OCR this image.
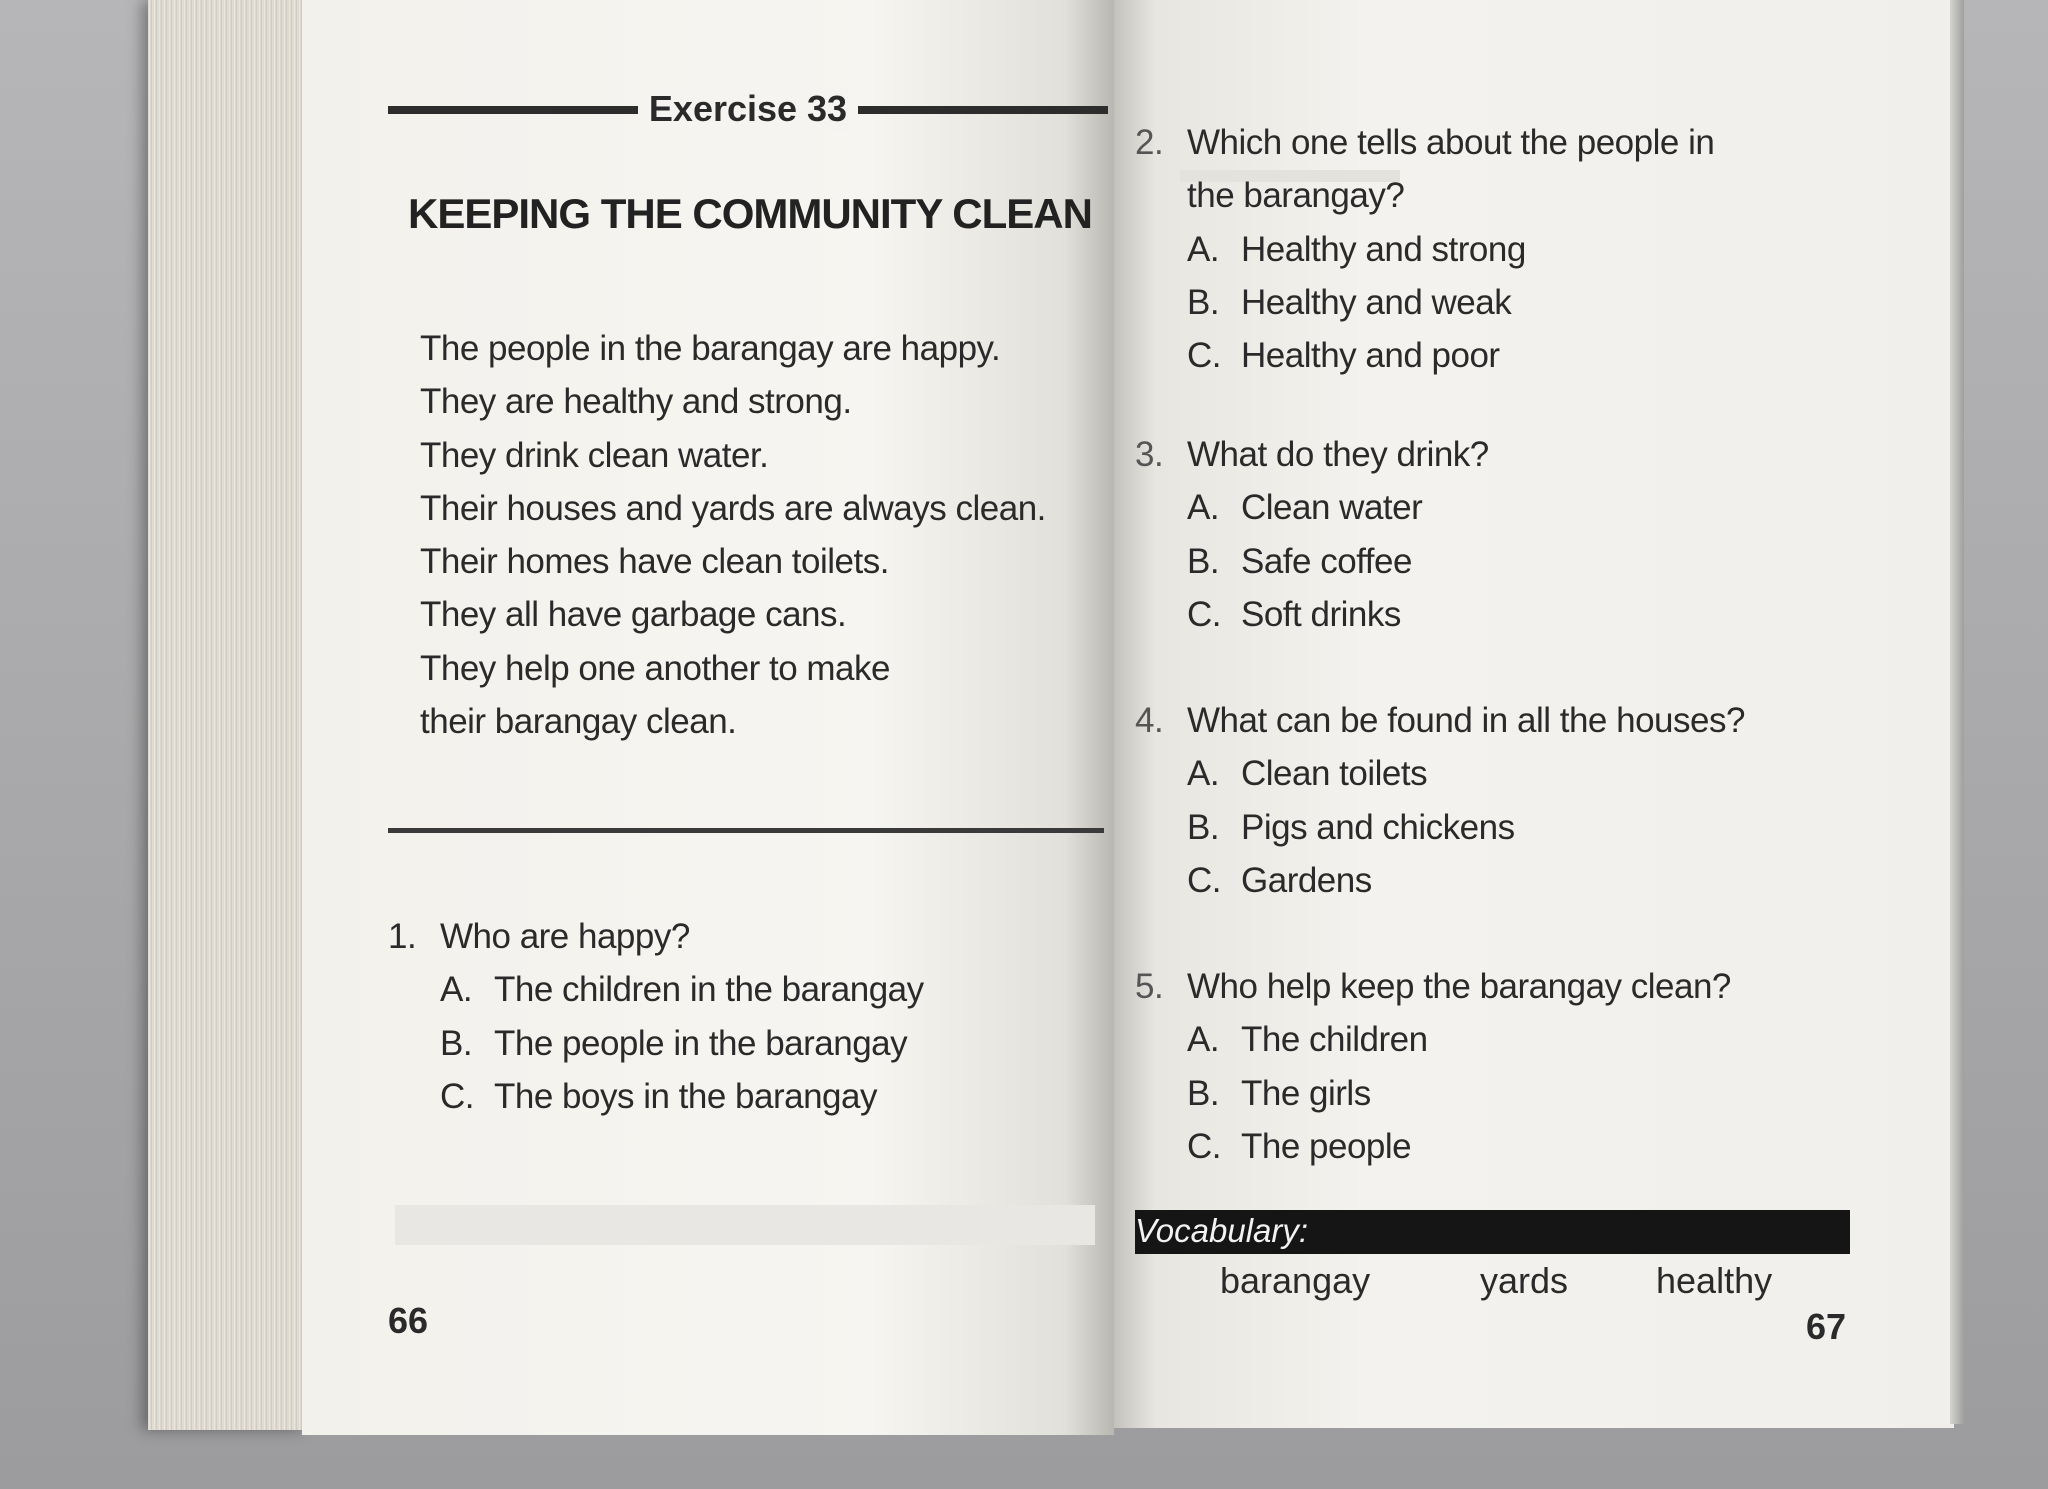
Exercise 33
KEEPING THE COMMUNITY CLEAN
The people in the barangay are happy.
They are healthy and strong.
They drink clean water.
Their houses and yards are always clean.
Their homes have clean toilets.
They all have garbage cans.
They help one another to make
their barangay clean.
1. Who are happy?
A. The children in the barangay
B. The people in the barangay
C. The boys in the barangay
66
2. Which one tells about the people in
the barangay?
A. Healthy and strong
B. Healthy and weak
C. Healthy and poor
3. What do they drink?
A. Clean water
B. Safe coffee
C. Soft drinks
4. What can be found in all the houses?
A. Clean toilets
B. Pigs and chickens
C. Gardens
5. Who help keep the barangay clean?
A. The children
B. The girls
C. The people
Vocabulary:
barangay	yards healthy
67
